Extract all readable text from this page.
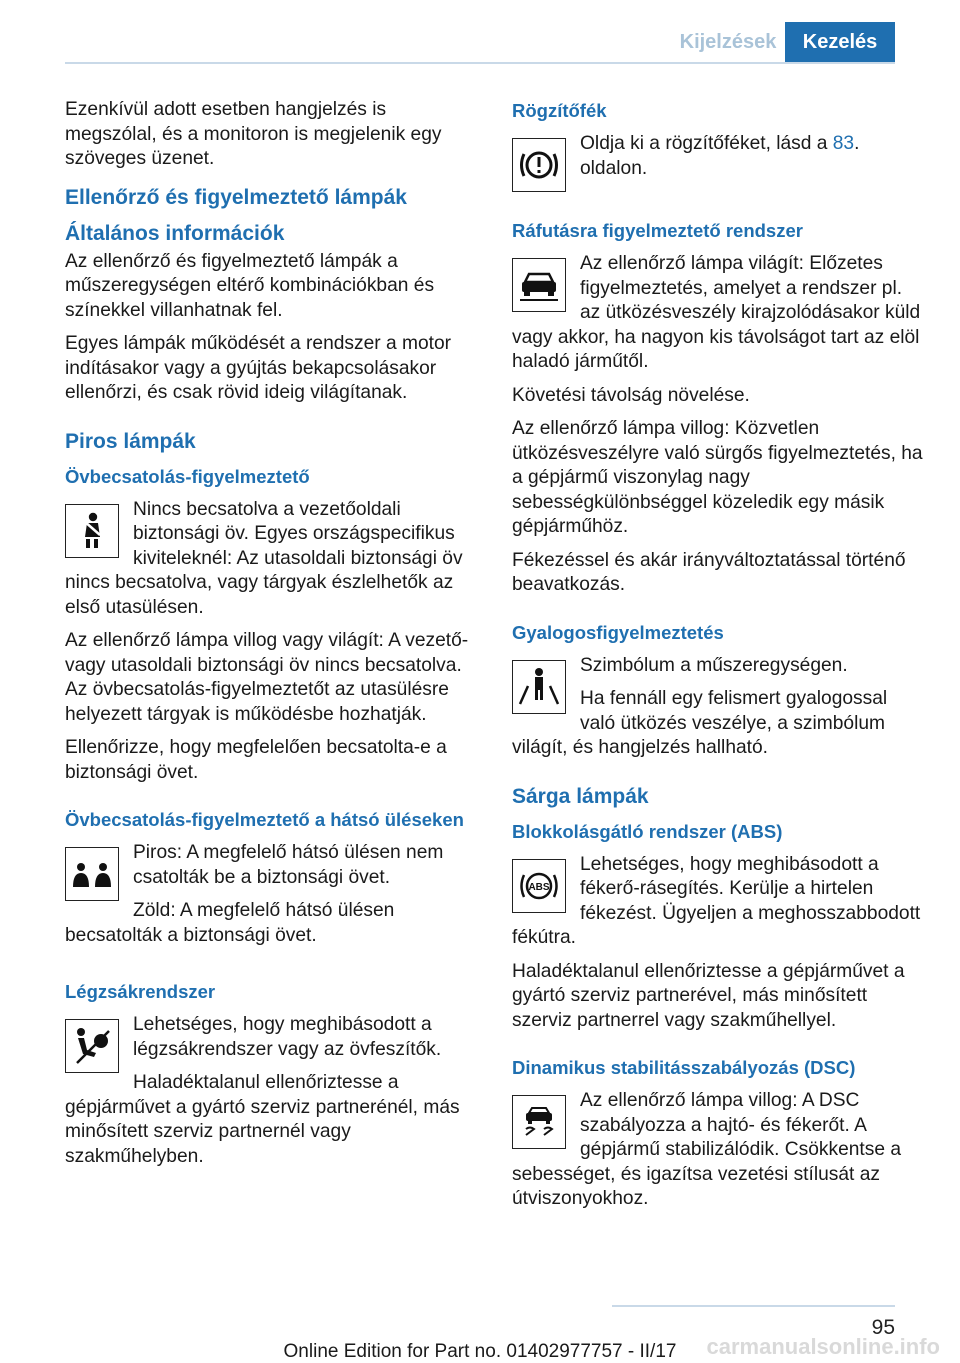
Kijelzések	Kezelés

Ezenkívül adott esetben hangjelzés is megszólal, és a monitoron is megjelenik egy szöveges üzenet.

Ellenőrző és figyelmeztető lámpák
Általános információk

Az ellenőrző és figyelmeztető lámpák a műszeregységen eltérő kombinációkban és színekkel villanhatnak fel.

Egyes lámpák működését a rendszer a motor indításakor vagy a gyújtás bekapcsolásakor ellenőrzi, és csak rövid ideig világítanak.

Piros lámpák
Övbecsatolás-figyelmeztető

Nincs becsatolva a vezetőoldali biztonsági öv. Egyes országspecifikus kiviteleknél: Az utasoldali biztonsági öv nincs becsatolva, vagy tárgyak észlelhetők az első utasülésen.

Az ellenőrző lámpa villog vagy világít: A vezető- vagy utasoldali biztonsági öv nincs becsatolva. Az övbecsatolás-figyelmeztetőt az utasülésre helyezett tárgyak is működésbe hozhatják.

Ellenőrizze, hogy megfelelően becsatolta-e a biztonsági övet.

Övbecsatolás-figyelmeztető a hátsó üléseken

Piros: A megfelelő hátsó ülésen nem csatolták be a biztonsági övet.

Zöld: A megfelelő hátsó ülésen becsatolták a biztonsági övet.

Légzsákrendszer

Lehetséges, hogy meghibásodott a légzsákrendszer vagy az övfeszítők.

Haladéktalanul ellenőriztesse a gépjárművet a gyártó szerviz partnerénél, más minősített szerviz partnernél vagy szakműhelyben.

Rögzítőfék

Oldja ki a rögzítőféket, lásd a 83. oldalon.

Ráfutásra figyelmeztető rendszer

Az ellenőrző lámpa világít: Előzetes figyelmeztetés, amelyet a rendszer pl. az ütközésveszély kirajzolódásakor küld vagy akkor, ha nagyon kis távolságot tart az elöl haladó járműtől.

Követési távolság növelése.

Az ellenőrző lámpa villog: Közvetlen ütközésveszélyre való sürgős figyelmeztetés, ha a gépjármű viszonylag nagy sebességkülönbséggel közeledik egy másik gépjárműhöz.

Fékezéssel és akár irányváltoztatással történő beavatkozás.

Gyalogosfigyelmeztetés

Szimbólum a műszeregységen.

Ha fennáll egy felismert gyalogossal való ütközés veszélye, a szimbólum világít, és hangjelzés hallható.

Sárga lámpák
Blokkolásgátló rendszer (ABS)
ABS

Lehetséges, hogy meghibásodott a fékerő-rásegítés. Kerülje a hirtelen fékezést. Ügyeljen a meghosszabbodott fékútra.

Haladéktalanul ellenőriztesse a gépjárművet a gyártó szerviz partnerével, más minősített szerviz partnerrel vagy szakműhellyel.

Dinamikus stabilitásszabályozás (DSC)

Az ellenőrző lámpa villog: A DSC szabályozza a hajtó- és fékerőt. A gépjármű stabilizálódik. Csökkentse a sebességet, és igazítsa vezetési stílusát az útviszonyokhoz.

95
carmanualsonline.info
Online Edition for Part no. 01402977757 - II/17
